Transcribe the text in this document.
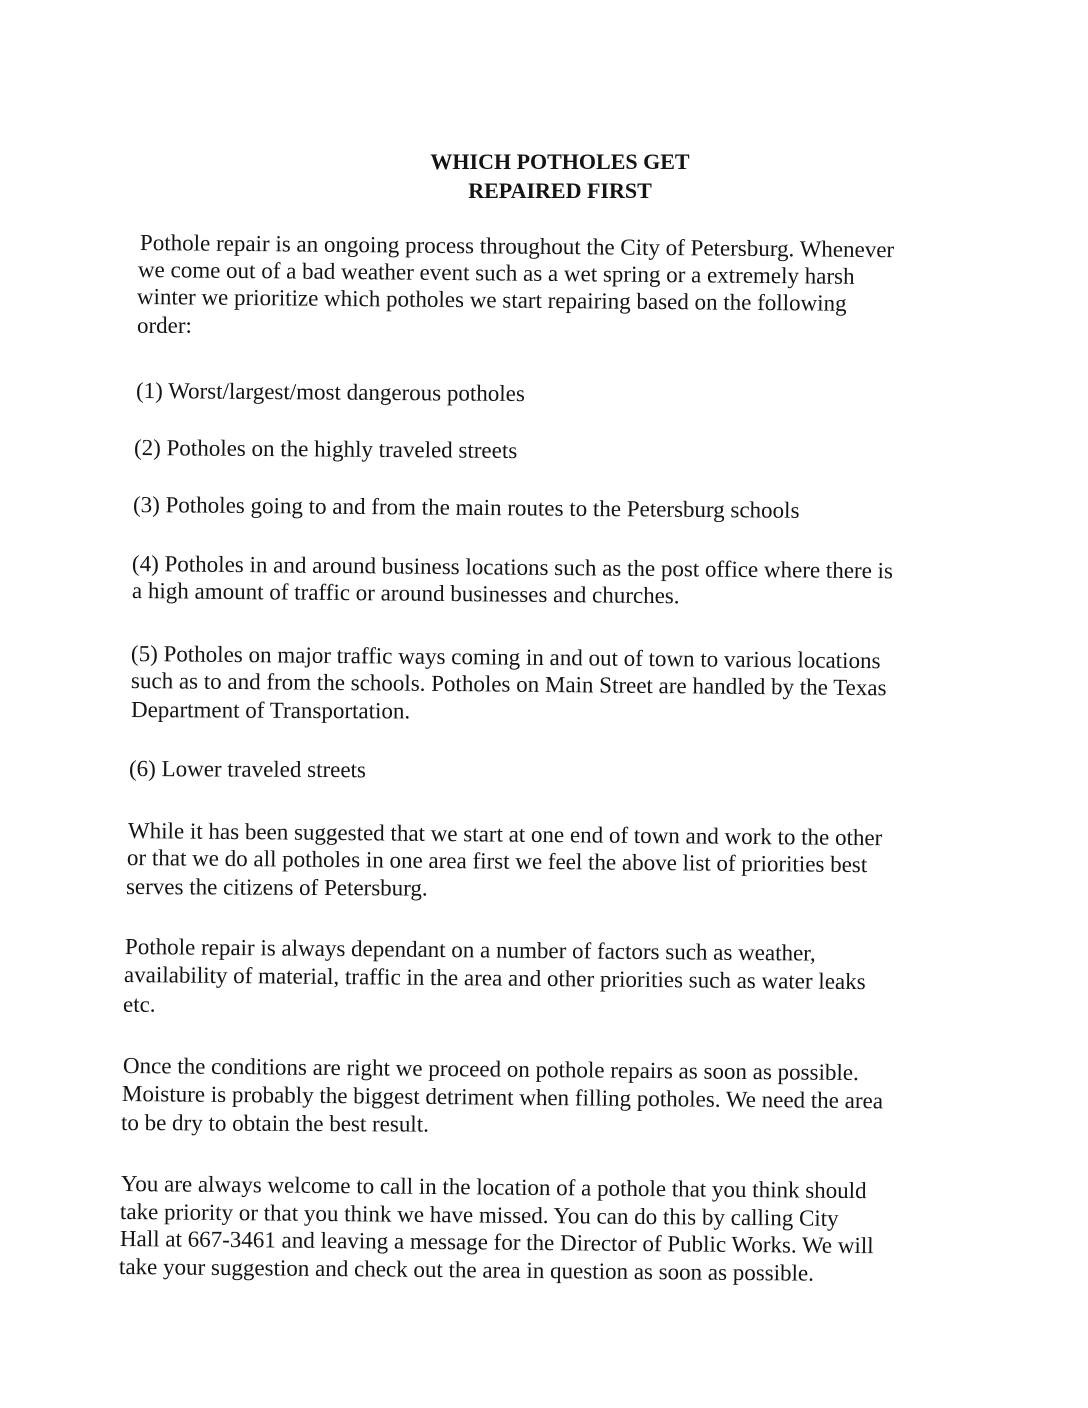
WHICH POTHOLES GET
REPAIRED FIRST

Pothole repair is an ongoing process throughout the City of Petersburg. Whenever

we come out of a bad weather event such as a wet spring or a extremely harsh

winter we prioritize which potholes we start repairing based on the following

order:

(1) Worst/largest/most dangerous potholes

(2) Potholes on the highly traveled streets

(3) Potholes going to and from the main routes to the Petersburg schools

(4) Potholes in and around business locations such as the post office where there is

a high amount of traffic or around businesses and churches.

(5) Potholes on major traffic ways coming in and out of town to various locations

such as to and from the schools. Potholes on Main Street are handled by the Texas

Department of Transportation.

(6) Lower traveled streets

While it has been suggested that we start at one end of town and work to the other

or that we do all potholes in one area first we feel the above list of priorities best

serves the citizens of Petersburg.

Pothole repair is always dependant on a number of factors such as weather,

availability of material, traffic in the area and other priorities such as water leaks

etc.

Once the conditions are right we proceed on pothole repairs as soon as possible.

Moisture is probably the biggest detriment when filling potholes. We need the area

to be dry to obtain the best result.

You are always welcome to call in the location of a pothole that you think should

take priority or that you think we have missed. You can do this by calling City

Hall at 667-3461 and leaving a message for the Director of Public Works. We will

take your suggestion and check out the area in question as soon as possible.
